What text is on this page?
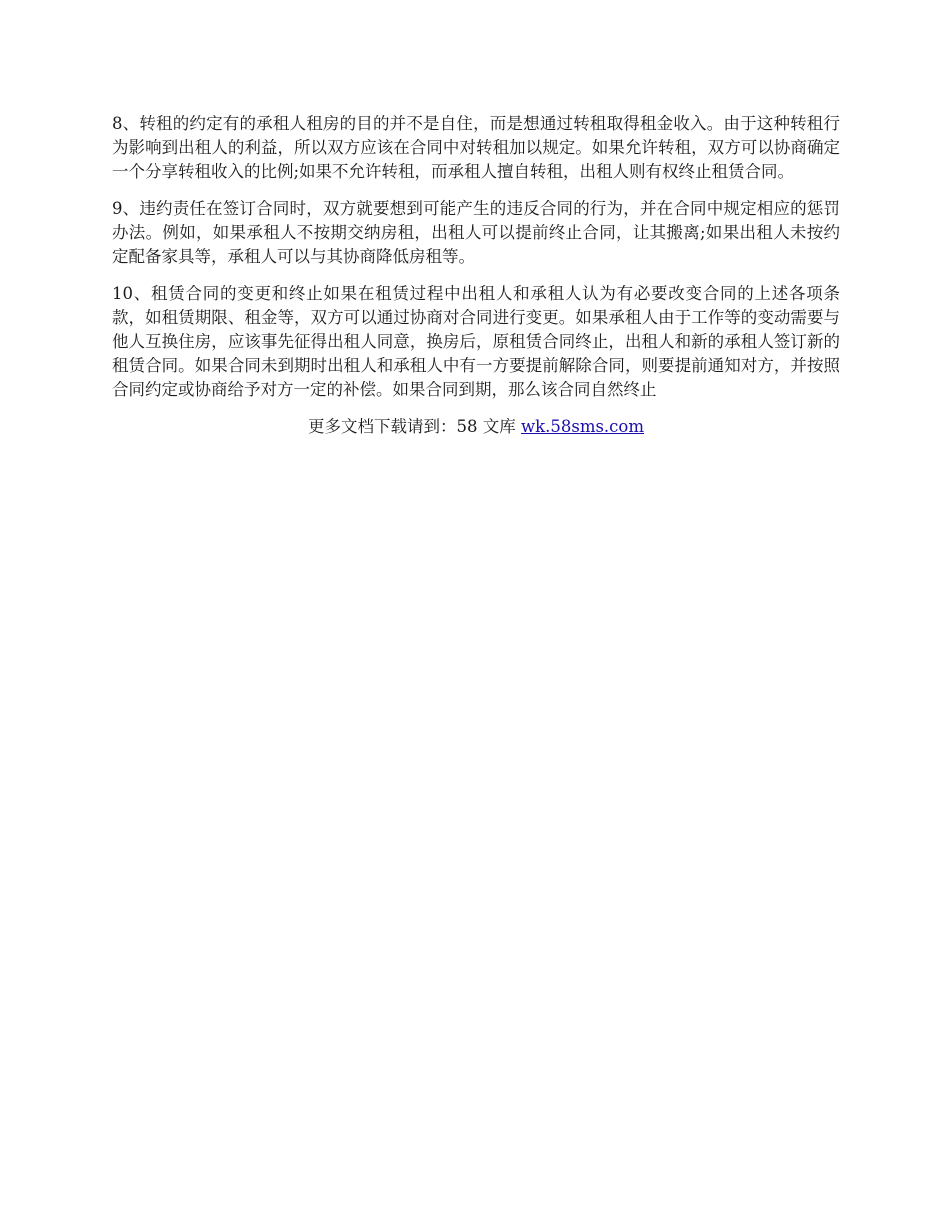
8、转租的约定有的承租人租房的目的并不是自住，而是想通过转租取得租金收入。由于这种转租行为影响到出租人的利益，所以双方应该在合同中对转租加以规定。如果允许转租，双方可以协商确定一个分享转租收入的比例;如果不允许转租，而承租人擅自转租，出租人则有权终止租赁合同。

9、违约责任在签订合同时，双方就要想到可能产生的违反合同的行为，并在合同中规定相应的惩罚办法。例如，如果承租人不按期交纳房租，出租人可以提前终止合同，让其搬离;如果出租人未按约定配备家具等，承租人可以与其协商降低房租等。

10、租赁合同的变更和终止如果在租赁过程中出租人和承租人认为有必要改变合同的上述各项条款，如租赁期限、租金等，双方可以通过协商对合同进行变更。如果承租人由于工作等的变动需要与他人互换住房，应该事先征得出租人同意，换房后，原租赁合同终止，出租人和新的承租人签订新的租赁合同。如果合同未到期时出租人和承租人中有一方要提前解除合同，则要提前通知对方，并按照合同约定或协商给予对方一定的补偿。如果合同到期，那么该合同自然终止

更多文档下载请到：58 文库 wk.58sms.com
